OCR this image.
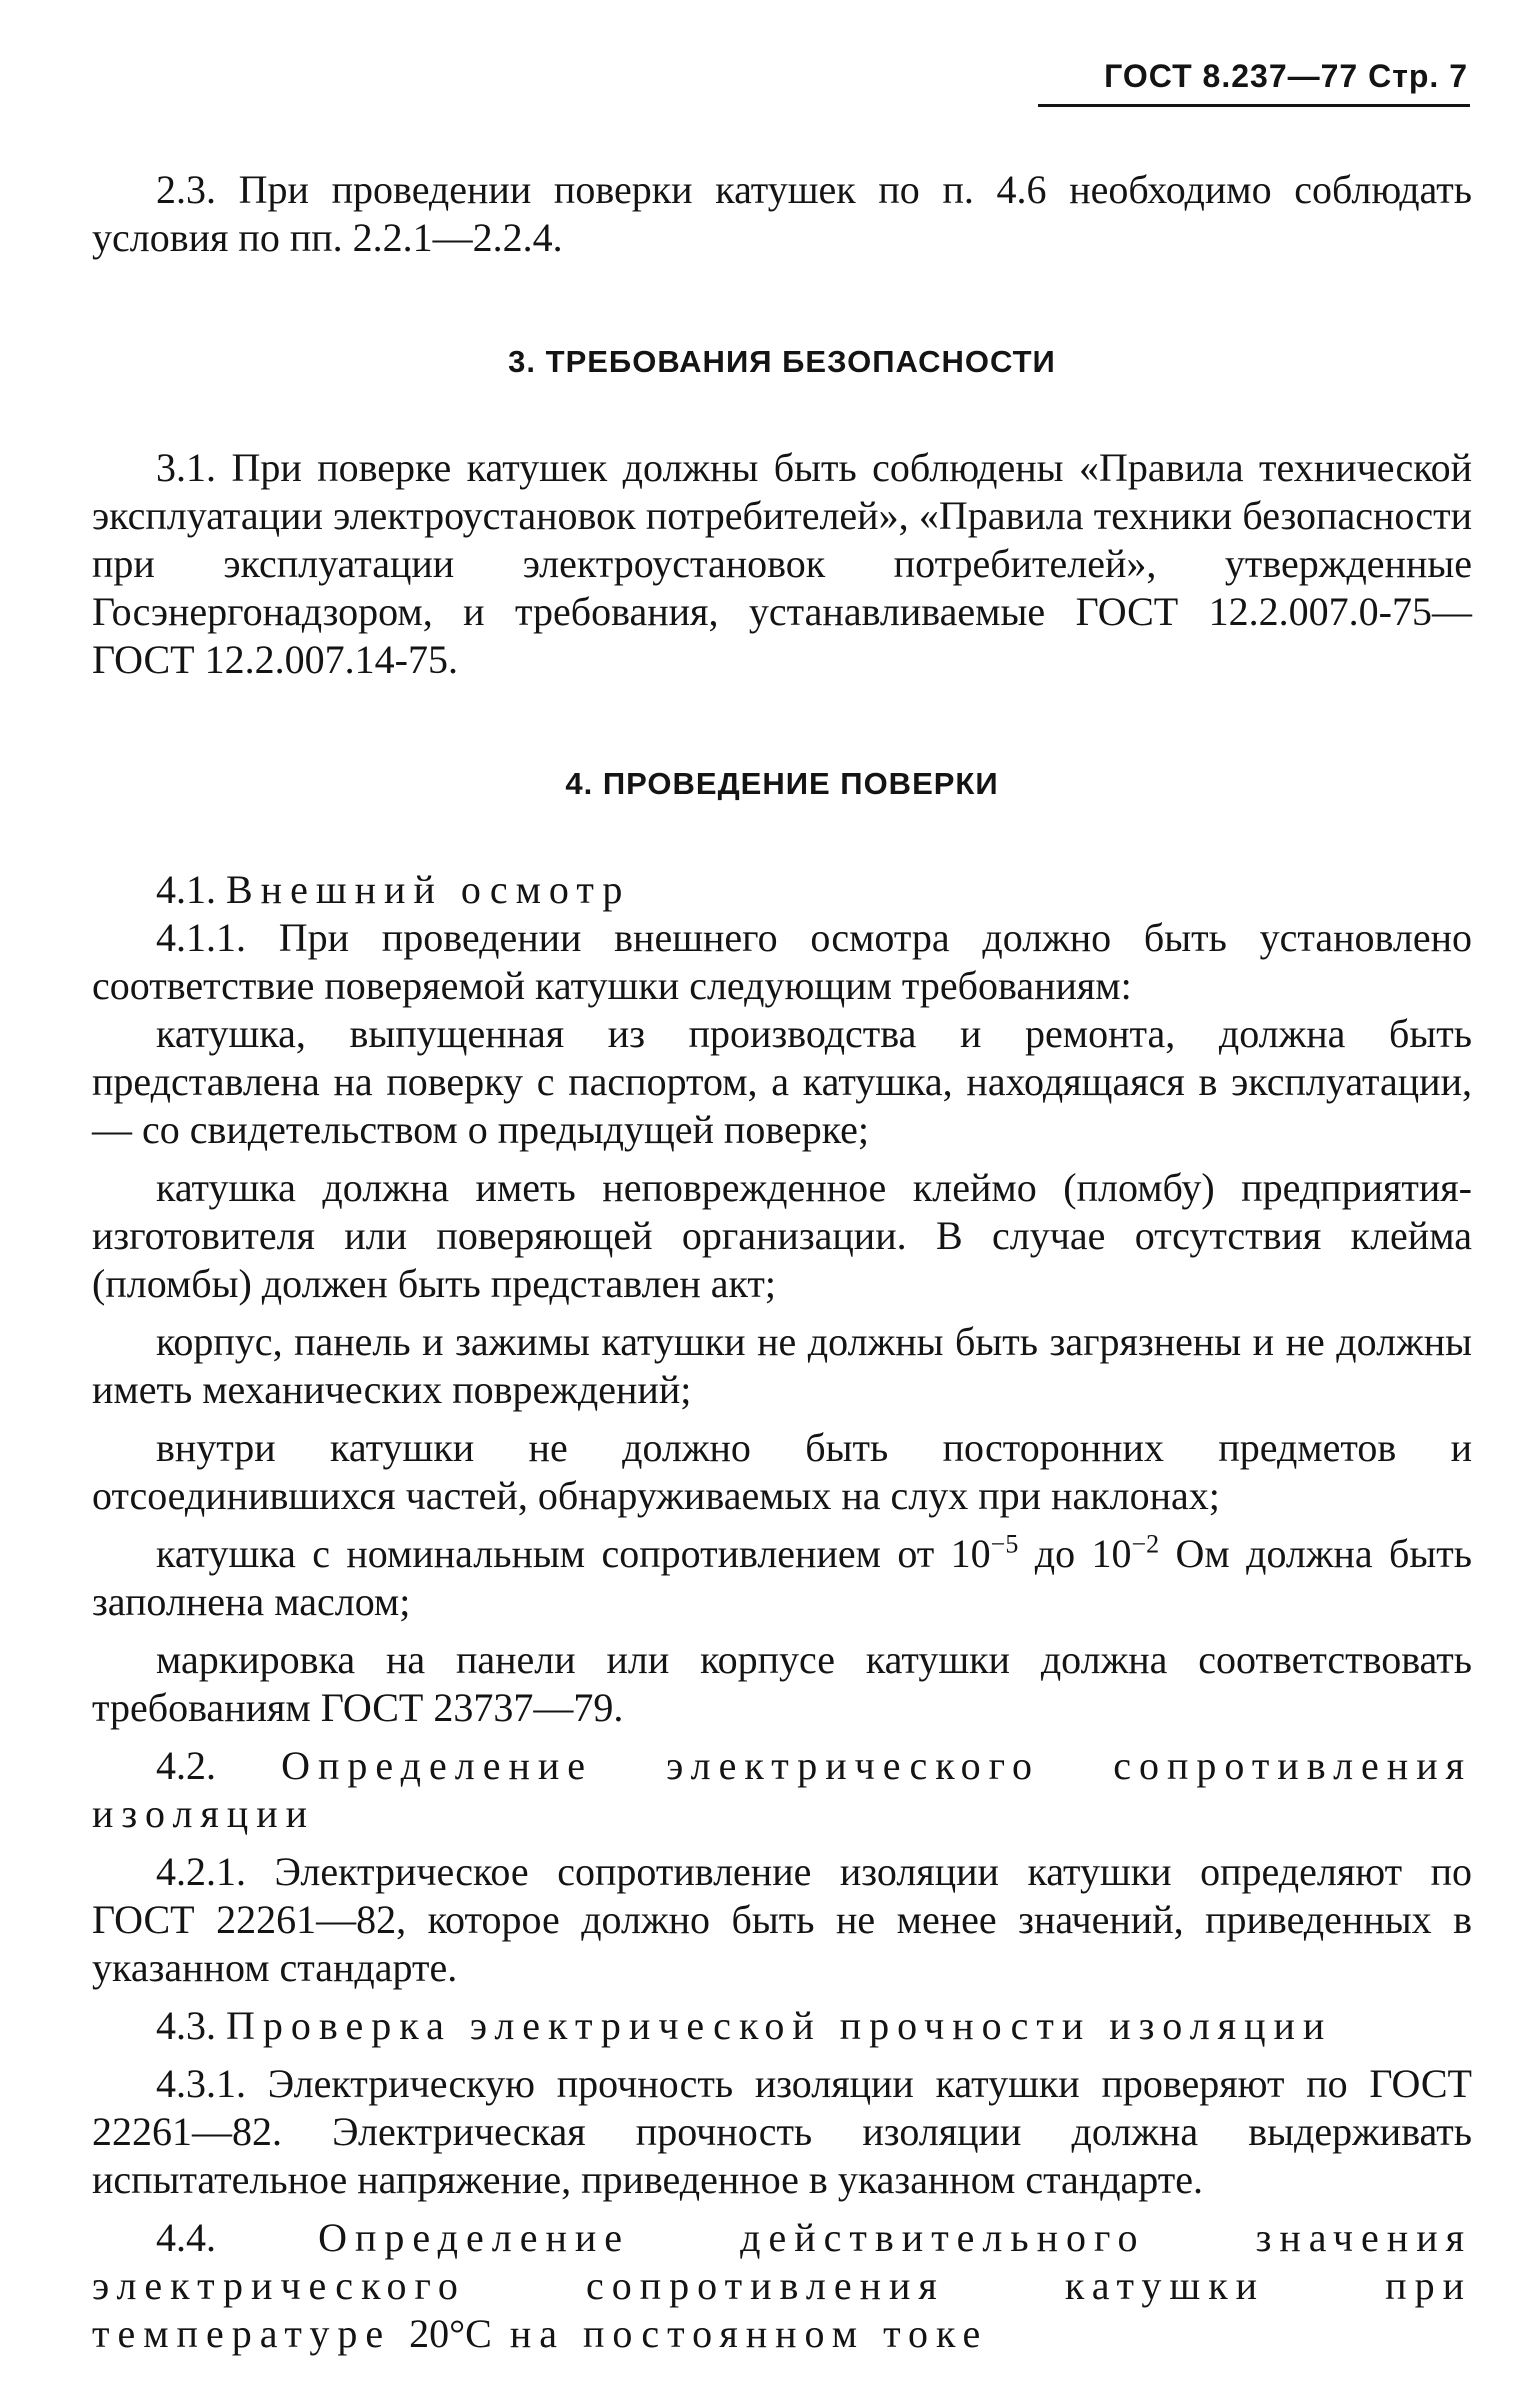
ГОСТ 8.237—77 Стр. 7

2.3. При проведении поверки катушек по п. 4.6 необходимо соблюдать условия по пп. 2.2.1—2.2.4.

3. ТРЕБОВАНИЯ БЕЗОПАСНОСТИ

3.1. При поверке катушек должны быть соблюдены «Правила технической эксплуатации электроустановок потребителей», «Правила техники безопасности при эксплуатации электроустановок потребителей», утвержденные Госэнергонадзором, и требования, устанавливаемые ГОСТ 12.2.007.0-75—ГОСТ 12.2.007.14-75.

4. ПРОВЕДЕНИЕ ПОВЕРКИ

4.1. Внешний осмотр

4.1.1. При проведении внешнего осмотра должно быть установлено соответствие поверяемой катушки следующим требованиям:

катушка, выпущенная из производства и ремонта, должна быть представлена на поверку с паспортом, а катушка, находящаяся в эксплуатации, — со свидетельством о предыдущей поверке;

катушка должна иметь неповрежденное клеймо (пломбу) предприятия-изготовителя или поверяющей организации. В случае отсутствия клейма (пломбы) должен быть представлен акт;

корпус, панель и зажимы катушки не должны быть загрязнены и не должны иметь механических повреждений;

внутри катушки не должно быть посторонних предметов и отсоединившихся частей, обнаруживаемых на слух при наклонах;

катушка с номинальным сопротивлением от $10^{-5}$ до $10^{-2}$ Ом должна быть заполнена маслом;

маркировка на панели или корпусе катушки должна соответствовать требованиям ГОСТ 23737—79.

4.2. Определение электрического сопротивления изоляции

4.2.1. Электрическое сопротивление изоляции катушки определяют по ГОСТ 22261—82, которое должно быть не менее значений, приведенных в указанном стандарте.

4.3. Проверка электрической прочности изоляции

4.3.1. Электрическую прочность изоляции катушки проверяют по ГОСТ 22261—82. Электрическая прочность изоляции должна выдерживать испытательное напряжение, приведенное в указанном стандарте.

4.4.	Определение действительного значения электрического сопротивления катушки при температуре 20°C на постоянном токе
